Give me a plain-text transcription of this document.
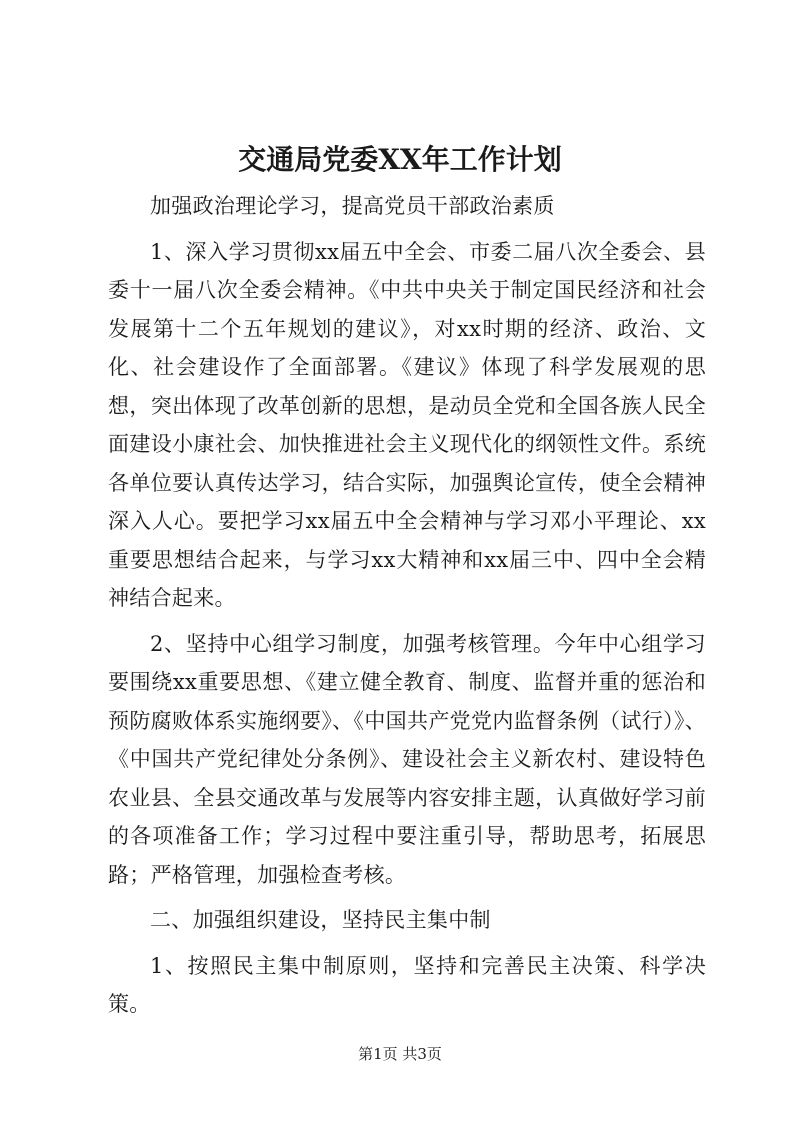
交通局党委XX年工作计划

加强政治理论学习，提高党员干部政治素质

1、深入学习贯彻xx届五中全会、市委二届八次全委会、县委十一届八次全委会精神。《中共中央关于制定国民经济和社会发展第十二个五年规划的建议》，对xx时期的经济、政治、文化、社会建设作了全面部署。《建议》体现了科学发展观的思想，突出体现了改革创新的思想，是动员全党和全国各族人民全面建设小康社会、加快推进社会主义现代化的纲领性文件。系统各单位要认真传达学习，结合实际，加强舆论宣传，使全会精神深入人心。要把学习xx届五中全会精神与学习邓小平理论、xx重要思想结合起来，与学习xx大精神和xx届三中、四中全会精神结合起来。

2、坚持中心组学习制度，加强考核管理。今年中心组学习要围绕xx重要思想、《建立健全教育、制度、监督并重的惩治和预防腐败体系实施纲要》、《中国共产党党内监督条例（试行）》、《中国共产党纪律处分条例》、建设社会主义新农村、建设特色农业县、全县交通改革与发展等内容安排主题，认真做好学习前的各项准备工作；学习过程中要注重引导，帮助思考，拓展思路；严格管理，加强检查考核。

二、加强组织建设，坚持民主集中制

1、按照民主集中制原则，坚持和完善民主决策、科学决策。

第1页 共3页
